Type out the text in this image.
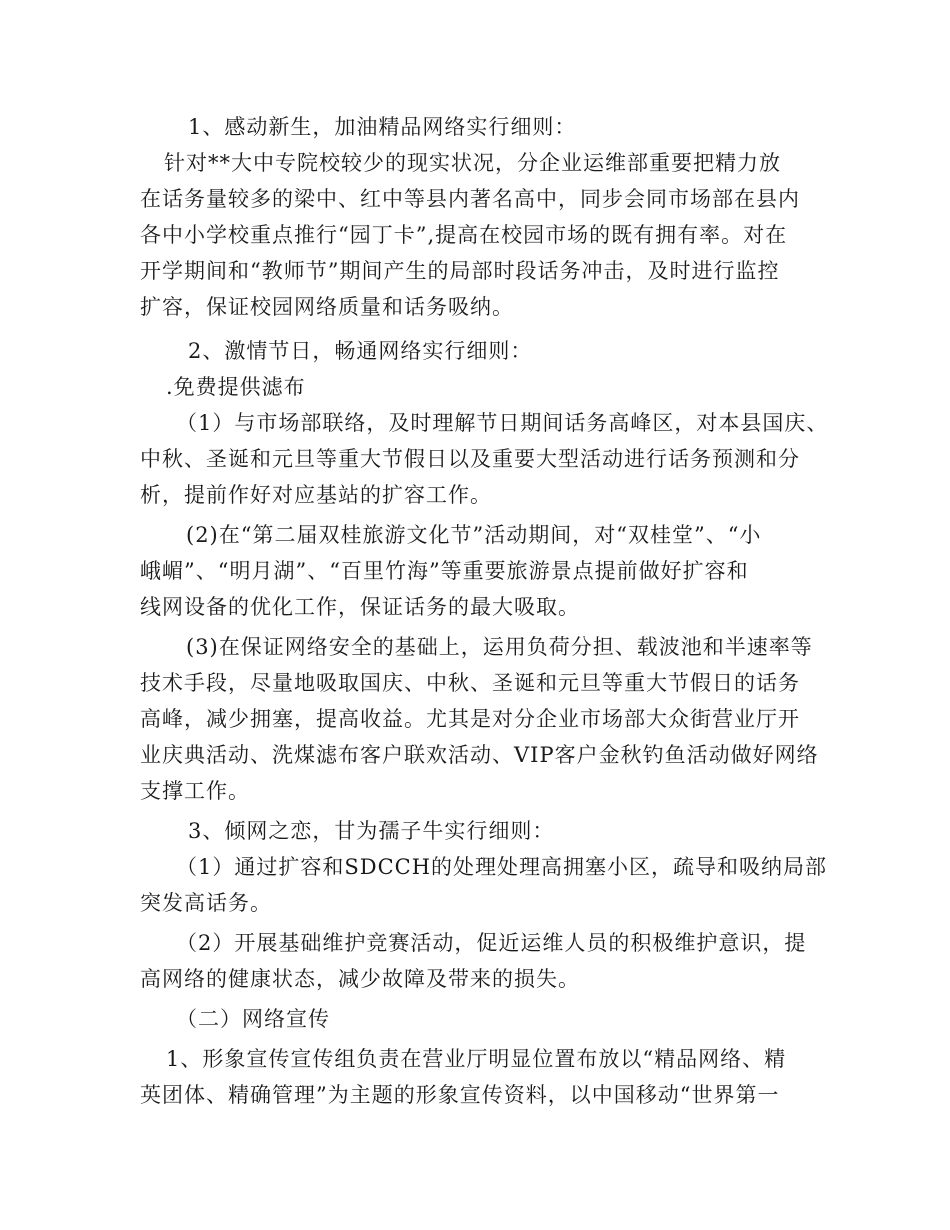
1、感动新生，加油精品网络实行细则：
针对**大中专院校较少的现实状况，分企业运维部重要把精力放
在话务量较多的梁中、红中等县内著名高中，同步会同市场部在县内
各中小学校重点推行“园丁卡”,提高在校园市场的既有拥有率。对在
开学期间和“教师节”期间产生的局部时段话务冲击，及时进行监控
扩容，保证校园网络质量和话务吸纳。
2、激情节日，畅通网络实行细则：
.免费提供滤布
（1）与市场部联络，及时理解节日期间话务高峰区，对本县国庆、
中秋、圣诞和元旦等重大节假日以及重要大型活动进行话务预测和分
析，提前作好对应基站的扩容工作。
(2)在“第二届双桂旅游文化节”活动期间，对“双桂堂”、“小
峨嵋”、“明月湖”、“百里竹海”等重要旅游景点提前做好扩容和
线网设备的优化工作，保证话务的最大吸取。
(3)在保证网络安全的基础上，运用负荷分担、载波池和半速率等
技术手段，尽量地吸取国庆、中秋、圣诞和元旦等重大节假日的话务
高峰，减少拥塞，提高收益。尤其是对分企业市场部大众街营业厅开
业庆典活动、洗煤滤布客户联欢活动、VIP客户金秋钓鱼活动做好网络
支撑工作。
3、倾网之恋，甘为孺子牛实行细则：
（1）通过扩容和SDCCH的处理处理高拥塞小区，疏导和吸纳局部
突发高话务。
（2）开展基础维护竞赛活动，促近运维人员的积极维护意识，提
高网络的健康状态，减少故障及带来的损失。
（二）网络宣传
1、形象宣传宣传组负责在营业厅明显位置布放以“精品网络、精
英团体、精确管理”为主题的形象宣传资料，以中国移动“世界第一
